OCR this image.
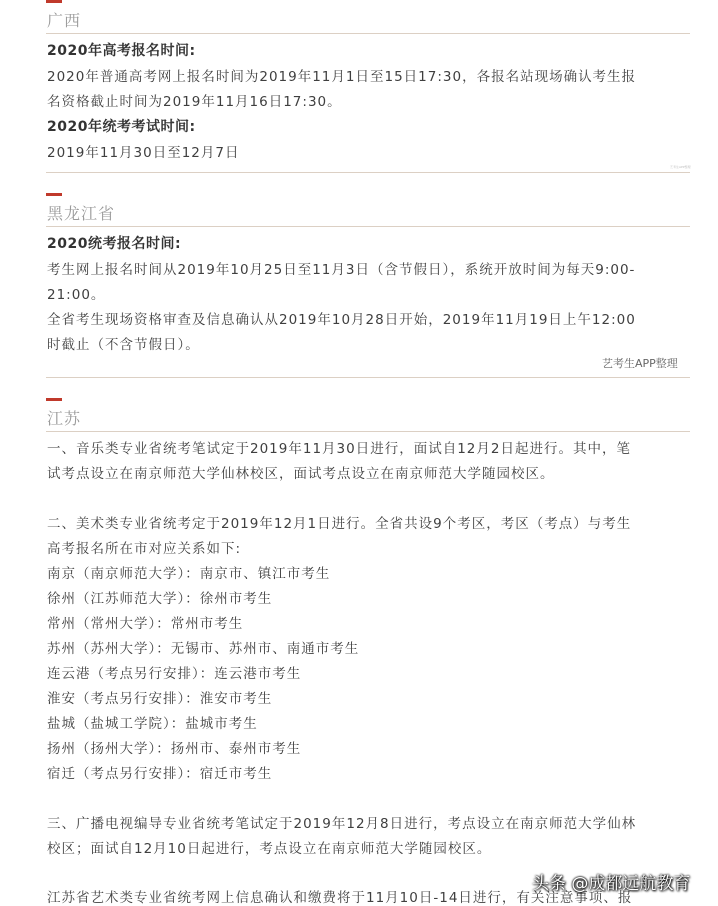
广西
2020年高考报名时间:
2020年普通高考网上报名时间为2019年11月1日至15日17:30，各报名站现场确认考生报
名资格截止时间为2019年11月16日17:30。
2020年统考考试时间:
2019年11月30日至12月7日
艺考生APP整理
黑龙江省
2020统考报名时间:
考生网上报名时间从2019年10月25日至11月3日（含节假日），系统开放时间为每天9:00-
21:00。
全省考生现场资格审查及信息确认从2019年10月28日开始，2019年11月19日上午12:00
时截止（不含节假日）。
艺考生APP整理
江苏
一、音乐类专业省统考笔试定于2019年11月30日进行，面试自12月2日起进行。其中，笔
试考点设立在南京师范大学仙林校区，面试考点设立在南京师范大学随园校区。
二、美术类专业省统考定于2019年12月1日进行。全省共设9个考区，考区（考点）与考生
高考报名所在市对应关系如下:
南京（南京师范大学）：南京市、镇江市考生
徐州（江苏师范大学）：徐州市考生
常州（常州大学）：常州市考生
苏州（苏州大学）：无锡市、苏州市、南通市考生
连云港（考点另行安排）：连云港市考生
淮安（考点另行安排）：淮安市考生
盐城（盐城工学院）：盐城市考生
扬州（扬州大学）：扬州市、泰州市考生
宿迁（考点另行安排）：宿迁市考生
三、广播电视编导专业省统考笔试定于2019年12月8日进行，考点设立在南京师范大学仙林
校区；面试自12月10日起进行，考点设立在南京师范大学随园校区。
江苏省艺术类专业省统考网上信息确认和缴费将于11月10日-14日进行，有关注意事项、报
头条 @成都远航教育
